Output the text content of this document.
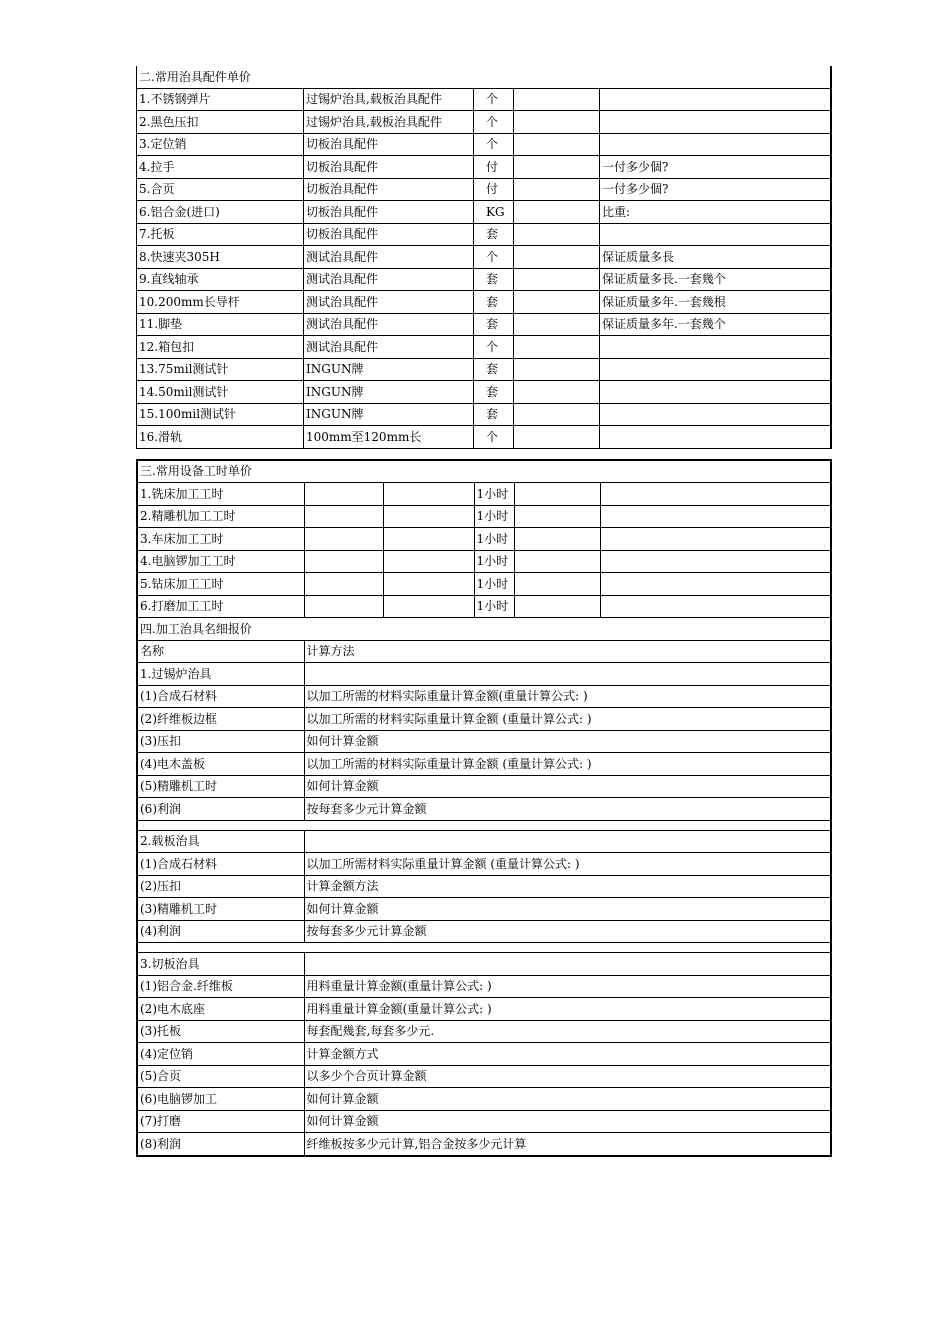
二.常用治具配件单价				
1.不锈钢弹片	过锡炉治具,载板治具配件	个		
2.黑色压扣	过锡炉治具,载板治具配件	个		
3.定位销	切板治具配件	个		
4.拉手	切板治具配件	付		一付多少個?
5.合页	切板治具配件	付		一付多少個?
6.铝合金(进口)	切板治具配件	KG		比重:
7.托板	切板治具配件	套		
8.快速夹305H	测试治具配件	个		保证质量多長
9.直线轴承	测试治具配件	套		保证质量多長.一套幾个
10.200mm长导杆	测试治具配件	套		保证质量多年.一套幾根
11.脚垫	测试治具配件	套		保证质量多年.一套幾个
12.箱包扣	测试治具配件	个		
13.75mil测试针	INGUN牌	套		
14.50mil测试针	INGUN牌	套		
15.100mil测试针	INGUN牌	套		
16.滑轨	100mm至120mm长	个		
三.常用设备工时单价					
1.铣床加工工时			1小时		
2.精雕机加工工时			1小时		
3.车床加工工时			1小时		
4.电脑锣加工工时			1小时		
5.钻床加工工时			1小时		
6.打磨加工工时			1小时		
四.加工治具名细报价					
名称	计算方法				
1.过锡炉治具					
(1)合成石材料	以加工所需的材料实际重量计算金额(重量计算公式: )				
(2)纤维板边框	以加工所需的材料实际重量计算金额 (重量计算公式: )				
(3)压扣	如何计算金额				
(4)电木盖板	以加工所需的材料实际重量计算金额 (重量计算公式: )				
(5)精雕机工时	如何计算金额				
(6)利润	按每套多少元计算金额				

2.载板治具					
(1)合成石材料	以加工所需材料实际重量计算金额 (重量计算公式: )				
(2)压扣	计算金额方法				
(3)精雕机工时	如何计算金额				
(4)利润	按每套多少元计算金额				

3.切板治具					
(1)铝合金.纤维板	用料重量计算金额(重量计算公式: )				
(2)电木底座	用料重量计算金额(重量计算公式: )				
(3)托板	每套配幾套,每套多少元.				
(4)定位销	计算金额方式				
(5)合页	以多少个合页计算金额				
(6)电脑锣加工	如何计算金额				
(7)打磨	如何计算金额				
(8)利润	纤维板按多少元计算,铝合金按多少元计算				
